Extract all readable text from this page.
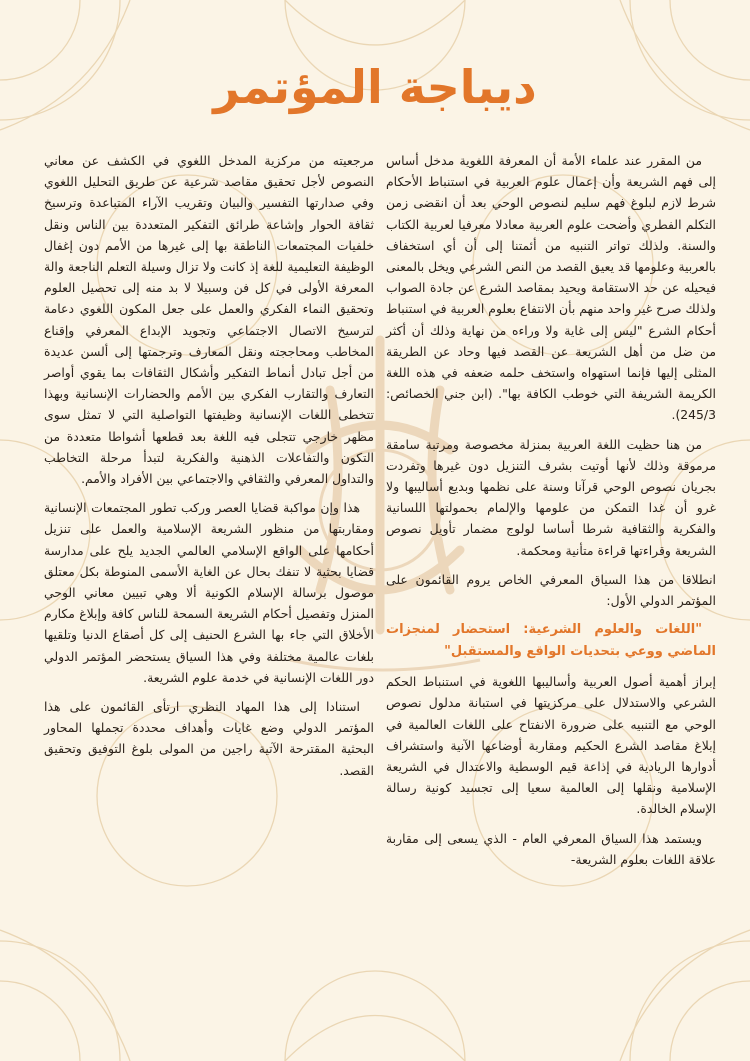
ديباجة المؤتمر

من المقرر عند علماء الأمة أن المعرفة اللغوية مدخل أساس إلى فهم الشريعة وأن إعمال علوم العربية في استنباط الأحكام شرط لازم لبلوغ فهم سليم لنصوص الوحي بعد أن انقضى زمن التكلم الفطري وأضحت علوم العربية معادلا معرفيا لعربية الكتاب والسنة. ولذلك تواتر التنبيه من أئمتنا إلى أن أي استخفاف بالعربية وعلومها قد يعيق القصد من النص الشرعي ويخل بالمعنى فيحيله عن حد الاستقامة ويحيد بمقاصد الشرع عن جادة الصواب ولذلك صرح غير واحد منهم بأن الانتفاع بعلوم العربية في استنباط أحكام الشرع "ليس إلى غاية ولا وراءه من نهاية وذلك أن أكثر من ضل من أهل الشريعة عن القصد فيها وحاد عن الطريقة المثلى إليها فإنما استهواه واستخف حلمه ضعفه في هذه اللغة الكريمة الشريفة التي خوطب الكافة بها". (ابن جني الخصائص: 245/3).

من هنا حظيت اللغة العربية بمنزلة مخصوصة ومرتبة سامقة مرموقة وذلك لأنها أوتيت بشرف التنزيل دون غيرها وتفردت بجريان نصوص الوحي قرآنا وسنة على نظمها وبديع أساليبها ولا غرو أن غدا التمكن من علومها والإلمام بحمولتها اللسانية والفكرية والثقافية شرطا أساسا لولوج مضمار تأويل نصوص الشريعة وقراءتها قراءة متأنية ومحكمة.

انطلاقا من هذا السياق المعرفي الخاص يروم القائمون على المؤتمر الدولي الأول:

"اللغات والعلوم الشرعية: استحضار لمنجزات الماضي ووعي بتحديات الواقع والمستقبل"

إبراز أهمية أصول العربية وأساليبها اللغوية في استنباط الحكم الشرعي والاستدلال على مركزيتها في استبانة مدلول نصوص الوحي مع التنبيه على ضرورة الانفتاح على اللغات العالمية في إبلاغ مقاصد الشرع الحكيم ومقاربة أوضاعها الآنية واستشراف أدوارها الريادية في إذاعة قيم الوسطية والاعتدال في الشريعة الإسلامية ونقلها إلى العالمية سعيا إلى تجسيد كونية رسالة الإسلام الخالدة.

ويستمد هذا السياق المعرفي العام - الذي يسعى إلى مقاربة علاقة اللغات بعلوم الشريعة-

مرجعيته من مركزية المدخل اللغوي في الكشف عن معاني النصوص لأجل تحقيق مقاصد شرعية عن طريق التحليل اللغوي وفي صدارتها التفسير والبيان وتقريب الآراء المتباعدة وترسيخ ثقافة الحوار وإشاعة طرائق التفكير المتعددة بين الناس ونقل خلفيات المجتمعات الناطقة بها إلى غيرها من الأمم دون إغفال الوظيفة التعليمية للغة إذ كانت ولا تزال وسيلة التعلم الناجعة والة المعرفة الأولى في كل فن وسبيلا لا بد منه إلى تحصيل العلوم وتحقيق النماء الفكري والعمل على جعل المكون اللغوي دعامة لترسيخ الاتصال الاجتماعي وتجويد الإبداع المعرفي وإقناع المخاطب ومحاججته ونقل المعارف وترجمتها إلى ألسن عديدة من أجل تبادل أنماط التفكير وأشكال الثقافات بما يقوي أواصر التعارف والتقارب الفكري بين الأمم والحضارات الإنسانية وبهذا تتخطى اللغات الإنسانية وظيفتها التواصلية التي لا تمثل سوى مظهر خارجي تتجلى فيه اللغة بعد قطعها أشواطا متعددة من التكون والتفاعلات الذهنية والفكرية لتبدأ مرحلة التخاطب والتداول المعرفي والثقافي والاجتماعي بين الأفراد والأمم.

هذا وإن مواكبة قضايا العصر وركب تطور المجتمعات الإنسانية ومقاربتها من منظور الشريعة الإسلامية والعمل على تنزيل أحكامها على الواقع الإسلامي العالمي الجديد يلح على مدارسة قضايا بحثية لا تنفك بحال عن الغاية الأسمى المنوطة بكل معتلق موصول برسالة الإسلام الكونية ألا وهي تبيين معاني الوحي المنزل وتفصيل أحكام الشريعة السمحة للناس كافة وإبلاغ مكارم الأخلاق التي جاء بها الشرع الحنيف إلى كل أصقاع الدنيا وتلقيها بلغات عالمية مختلفة وفي هذا السياق يستحضر المؤتمر الدولي دور اللغات الإنسانية في خدمة علوم الشريعة.

استنادا إلى هذا المهاد النظري ارتأى القائمون على هذا المؤتمر الدولي وضع غايات وأهداف محددة تجملها المحاور البحثية المقترحة الآتية راجين من المولى بلوغ التوفيق وتحقيق القصد.
